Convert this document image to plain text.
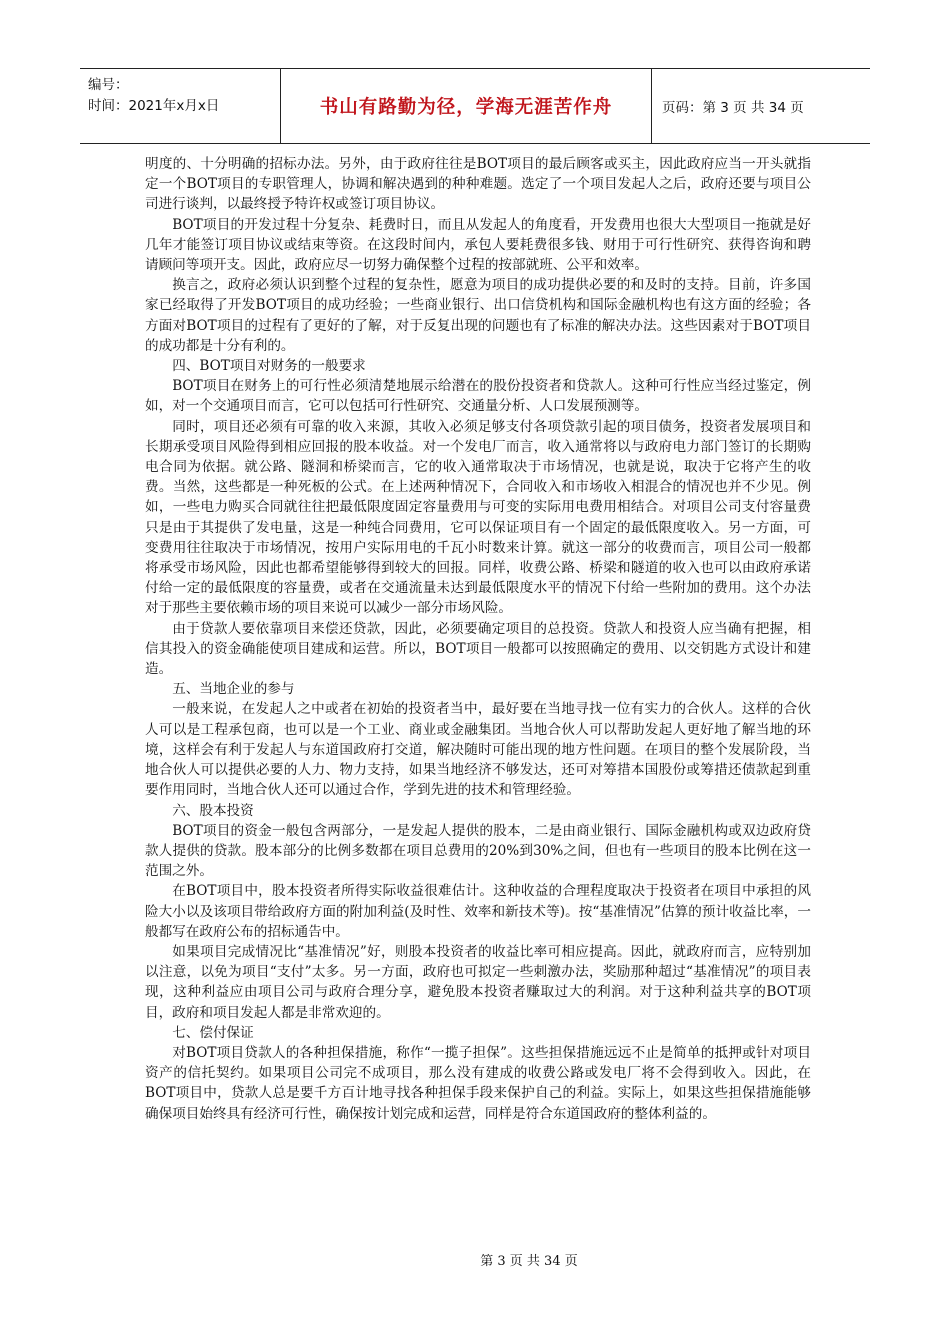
编号：
时间：2021年x月x日	书山有路勤为径，学海无涯苦作舟	页码：第 3 页 共 34 页

明度的、十分明确的招标办法。另外，由于政府往往是BOT项目的最后顾客或买主，因此政府应当一开头就指定一个BOT项目的专职管理人，协调和解决遇到的种种难题。选定了一个项目发起人之后，政府还要与项目公司进行谈判，以最终授予特许权或签订项目协议。

BOT项目的开发过程十分复杂、耗费时日，而且从发起人的角度看，开发费用也很大大型项目一拖就是好几年才能签订项目协议或结束等资。在这段时间内，承包人要耗费很多钱、财用于可行性研究、获得咨询和聘请顾问等项开支。因此，政府应尽一切努力确保整个过程的按部就班、公平和效率。

换言之，政府必须认识到整个过程的复杂性，愿意为项目的成功提供必要的和及时的支持。目前，许多国家已经取得了开发BOT项目的成功经验；一些商业银行、出口信贷机构和国际金融机构也有这方面的经验；各方面对BOT项目的过程有了更好的了解，对于反复出现的问题也有了标准的解决办法。这些因素对于BOT项目的成功都是十分有利的。

四、BOT项目对财务的一般要求

BOT项目在财务上的可行性必须清楚地展示给潜在的股份投资者和贷款人。这种可行性应当经过鉴定，例如，对一个交通项目而言，它可以包括可行性研究、交通量分析、人口发展预测等。

同时，项目还必须有可靠的收入来源，其收入必须足够支付各项贷款引起的项目债务，投资者发展项目和长期承受项目风险得到相应回报的股本收益。对一个发电厂而言，收入通常将以与政府电力部门签订的长期购电合同为依据。就公路、隧洞和桥梁而言，它的收入通常取决于市场情况，也就是说，取决于它将产生的收费。当然，这些都是一种死板的公式。在上述两种情况下，合同收入和市场收入相混合的情况也并不少见。例如，一些电力购买合同就往往把最低限度固定容量费用与可变的实际用电费用相结合。对项目公司支付容量费只是由于其提供了发电量，这是一种纯合同费用，它可以保证项目有一个固定的最低限度收入。另一方面，可变费用往往取决于市场情况，按用户实际用电的千瓦小时数来计算。就这一部分的收费而言，项目公司一般都将承受市场风险，因此也都希望能够得到较大的回报。同样，收费公路、桥梁和隧道的收入也可以由政府承诺付给一定的最低限度的容量费，或者在交通流量未达到最低限度水平的情况下付给一些附加的费用。这个办法对于那些主要依赖市场的项目来说可以减少一部分市场风险。

由于贷款人要依靠项目来偿还贷款，因此，必须要确定项目的总投资。贷款人和投资人应当确有把握，相信其投入的资金确能使项目建成和运营。所以，BOT项目一般都可以按照确定的费用、以交钥匙方式设计和建造。

五、当地企业的参与

一般来说，在发起人之中或者在初始的投资者当中，最好要在当地寻找一位有实力的合伙人。这样的合伙人可以是工程承包商，也可以是一个工业、商业或金融集团。当地合伙人可以帮助发起人更好地了解当地的环境，这样会有利于发起人与东道国政府打交道，解决随时可能出现的地方性问题。在项目的整个发展阶段，当地合伙人可以提供必要的人力、物力支持，如果当地经济不够发达，还可对筹措本国股份或筹措还债款起到重要作用同时，当地合伙人还可以通过合作，学到先进的技术和管理经验。

六、股本投资

BOT项目的资金一般包含两部分，一是发起人提供的股本，二是由商业银行、国际金融机构或双边政府贷款人提供的贷款。股本部分的比例多数都在项目总费用的20%到30%之间，但也有一些项目的股本比例在这一范围之外。

在BOT项目中，股本投资者所得实际收益很难估计。这种收益的合理程度取决于投资者在项目中承担的风险大小以及该项目带给政府方面的附加利益(及时性、效率和新技术等)。按“基准情况”估算的预计收益比率，一般都写在政府公布的招标通告中。

如果项目完成情况比“基准情况”好，则股本投资者的收益比率可相应提高。因此，就政府而言，应特别加以注意，以免为项目“支付”太多。另一方面，政府也可拟定一些刺激办法，奖励那种超过“基准情况”的项目表现，这种利益应由项目公司与政府合理分享，避免股本投资者赚取过大的利润。对于这种利益共享的BOT项目，政府和项目发起人都是非常欢迎的。

七、偿付保证

对BOT项目贷款人的各种担保措施，称作“一揽子担保”。这些担保措施远远不止是简单的抵押或针对项目资产的信托契约。如果项目公司完不成项目，那么没有建成的收费公路或发电厂将不会得到收入。因此，在BOT项目中，贷款人总是要千方百计地寻找各种担保手段来保护自己的利益。实际上，如果这些担保措施能够确保项目始终具有经济可行性，确保按计划完成和运营，同样是符合东道国政府的整体利益的。

第 3 页 共 34 页
